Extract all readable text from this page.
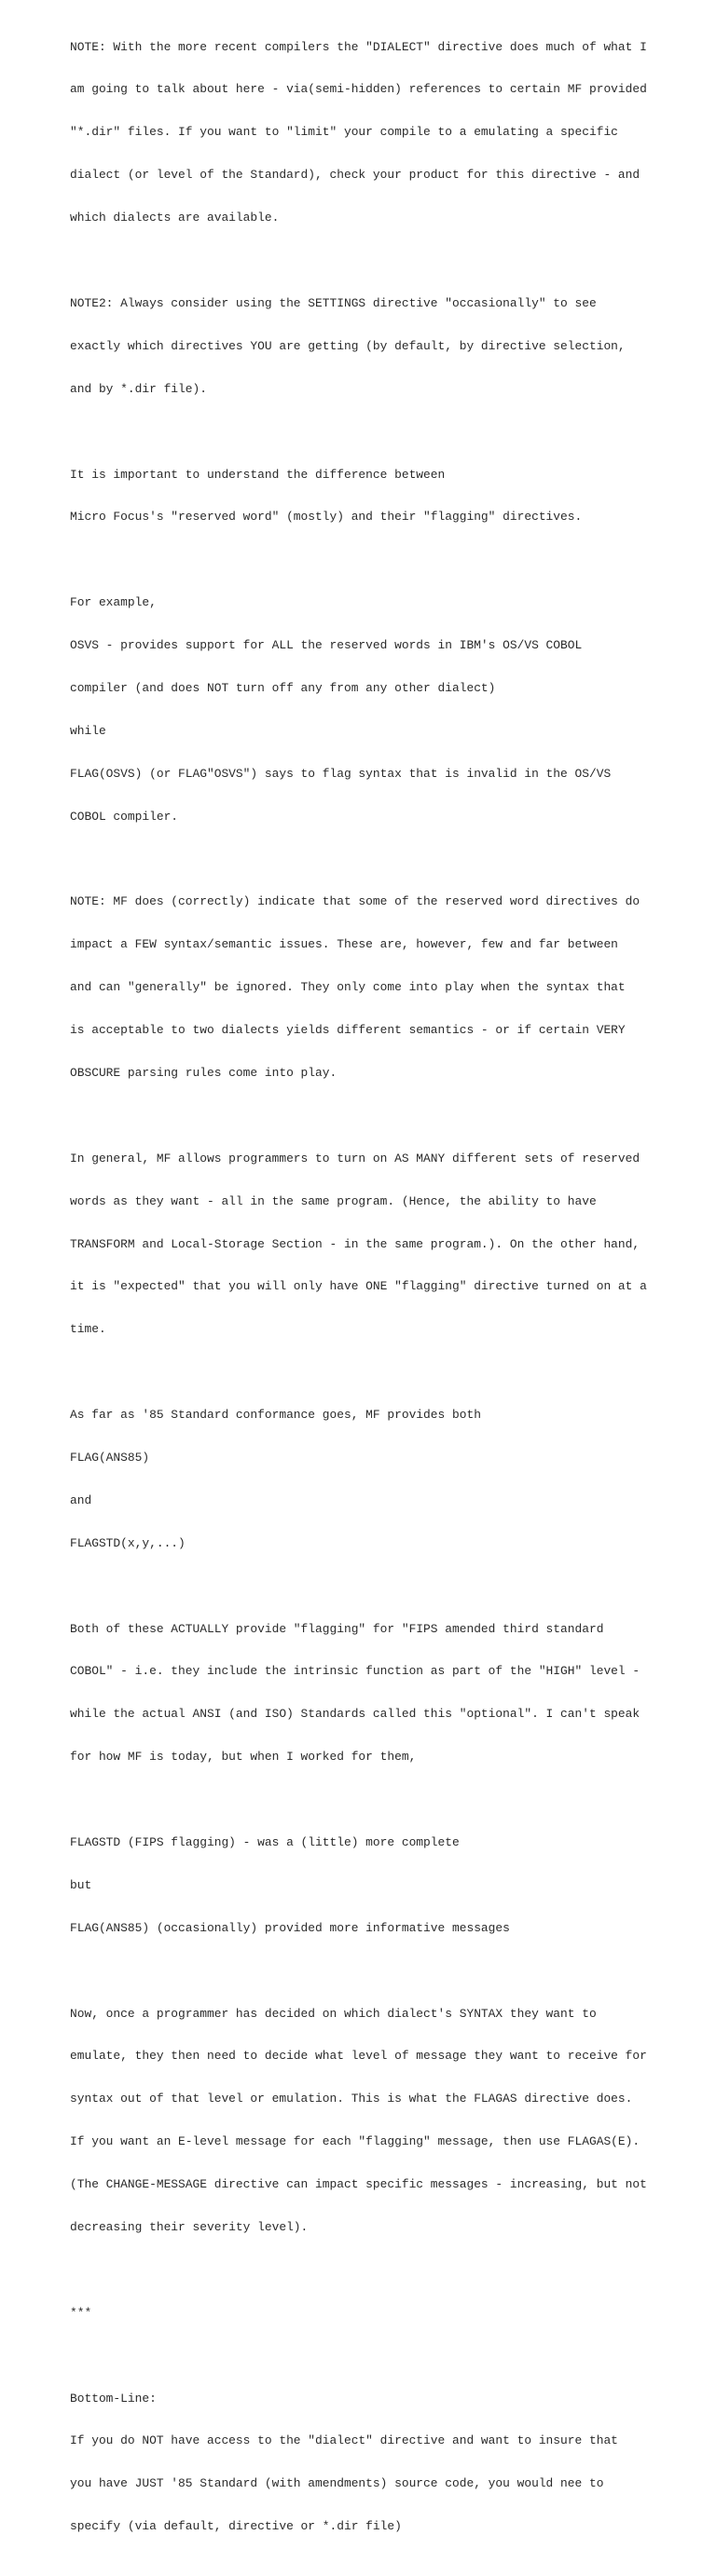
NOTE: With the more recent compilers the "DIALECT" directive does much of what I

am going to talk about here - via(semi-hidden) references to certain MF provided

"*.dir" files. If you want to "limit" your compile to a emulating a specific

dialect (or level of the Standard), check your product for this directive - and

which dialects are available.

NOTE2: Always consider using the SETTINGS directive "occasionally" to see

exactly which directives YOU are getting (by default, by directive selection,

and by *.dir file).

It is important to understand the difference between

Micro Focus's "reserved word" (mostly) and their "flagging" directives.

For example,

OSVS - provides support for ALL the reserved words in IBM's OS/VS COBOL

compiler (and does NOT turn off any from any other dialect)

while

FLAG(OSVS) (or FLAG"OSVS") says to flag syntax that is invalid in the OS/VS

COBOL compiler.

NOTE: MF does (correctly) indicate that some of the reserved word directives do

impact a FEW syntax/semantic issues. These are, however, few and far between

and can "generally" be ignored. They only come into play when the syntax that

is acceptable to two dialects yields different semantics - or if certain VERY

OBSCURE parsing rules come into play.

In general, MF allows programmers to turn on AS MANY different sets of reserved

words as they want - all in the same program. (Hence, the ability to have

TRANSFORM and Local-Storage Section - in the same program.). On the other hand,

it is "expected" that you will only have ONE "flagging" directive turned on at a

time.

As far as '85 Standard conformance goes, MF provides both

FLAG(ANS85)

and

FLAGSTD(x,y,...)

Both of these ACTUALLY provide "flagging" for "FIPS amended third standard

COBOL" - i.e. they include the intrinsic function as part of the "HIGH" level -

while the actual ANSI (and ISO) Standards called this "optional". I can't speak

for how MF is today, but when I worked for them,

FLAGSTD (FIPS flagging) - was a (little) more complete

but

FLAG(ANS85) (occasionally) provided more informative messages

Now, once a programmer has decided on which dialect's SYNTAX they want to

emulate, they then need to decide what level of message they want to receive for

syntax out of that level or emulation. This is what the FLAGAS directive does.

If you want an E-level message for each "flagging" message, then use FLAGAS(E).

(The CHANGE-MESSAGE directive can impact specific messages - increasing, but not

decreasing their severity level).

***

Bottom-Line:

If you do NOT have access to the "dialect" directive and want to insure that

you have JUST '85 Standard (with amendments) source code, you would nee to

specify (via default, directive or *.dir file)
